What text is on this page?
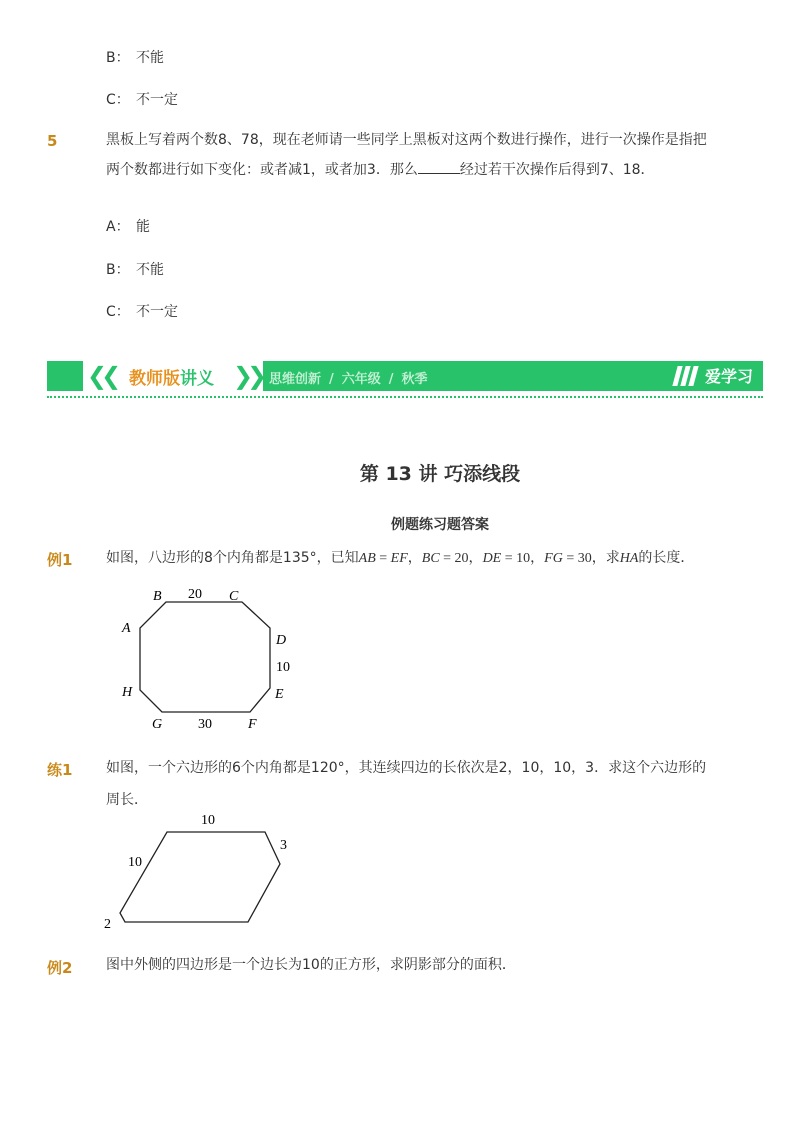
B： 不能
C： 不一定
5	黑板上写着两个数8、78，现在老师请一些同学上黑板对这两个数进行操作，进行一次操作是指把
两个数都进行如下变化：或者减1，或者加3．那么	经过若干次操作后得到7、18．
A： 能
B： 不能
C： 不一定
❮❮ 教师版讲义 ❯❯ 思维创新 / 六年级 / 秋季	爱学习
第 13 讲 巧添线段
例题练习题答案
例1 如图，八边形的8个内角都是135°，已知AB = EF，BC = 20，DE = 10，FG = 30，求HA的长度．
B	C
A
D
E
H
G	F
20
10
30
练1 如图，一个六边形的6个内角都是120°，其连续四边的长依次是2，10，10，3．求这个六边形的
周长．
10
10
3
2
例2 图中外侧的四边形是一个边长为10的正方形，求阴影部分的面积．
